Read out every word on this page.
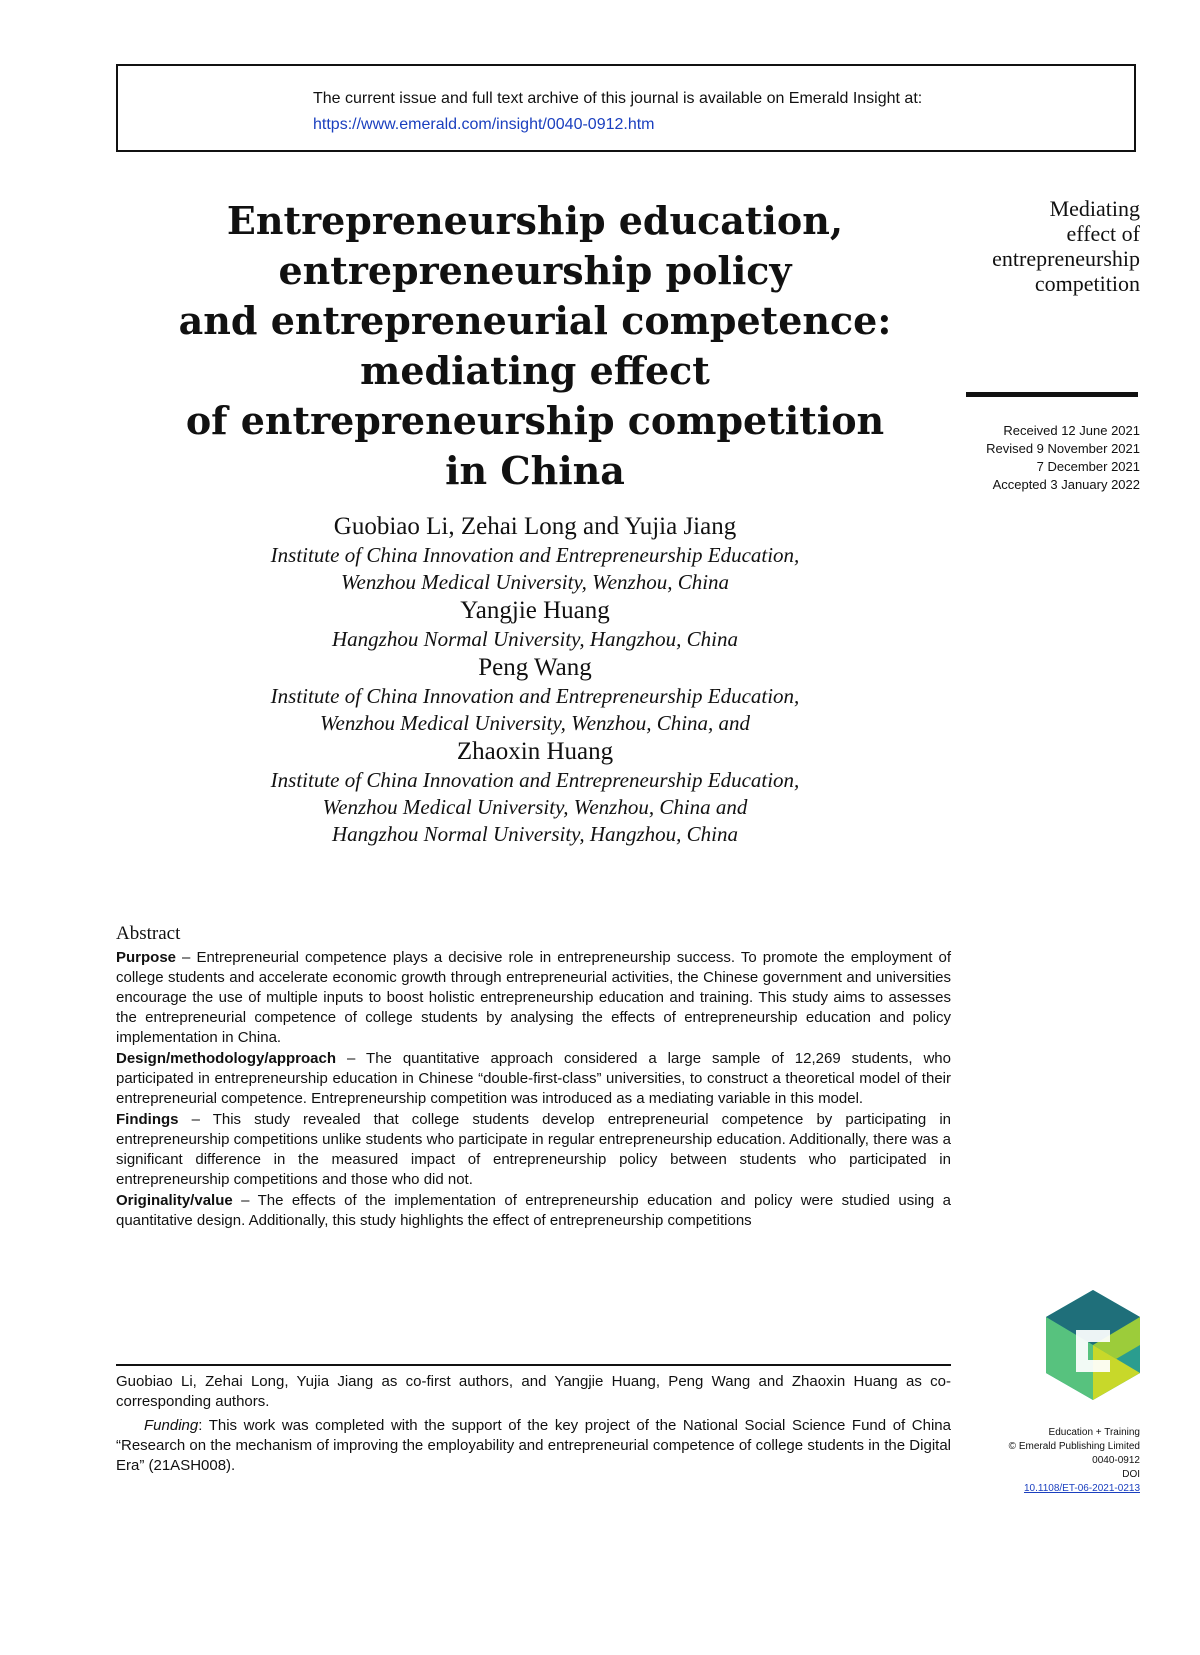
The current issue and full text archive of this journal is available on Emerald Insight at:
https://www.emerald.com/insight/0040-0912.htm
Entrepreneurship education,
entrepreneurship policy
and entrepreneurial competence:
mediating effect
of entrepreneurship competition
in China
Mediating
effect of
entrepreneurship
competition
Received 12 June 2021
Revised 9 November 2021
7 December 2021
Accepted 3 January 2022
Guobiao Li, Zehai Long and Yujia Jiang
Institute of China Innovation and Entrepreneurship Education,
Wenzhou Medical University, Wenzhou, China
Yangjie Huang
Hangzhou Normal University, Hangzhou, China
Peng Wang
Institute of China Innovation and Entrepreneurship Education,
Wenzhou Medical University, Wenzhou, China, and
Zhaoxin Huang
Institute of China Innovation and Entrepreneurship Education,
Wenzhou Medical University, Wenzhou, China and
Hangzhou Normal University, Hangzhou, China
Abstract

Purpose – Entrepreneurial competence plays a decisive role in entrepreneurship success. To promote the employment of college students and accelerate economic growth through entrepreneurial activities, the Chinese government and universities encourage the use of multiple inputs to boost holistic entrepreneurship education and training. This study aims to assesses the entrepreneurial competence of college students by analysing the effects of entrepreneurship education and policy implementation in China.

Design/methodology/approach – The quantitative approach considered a large sample of 12,269 students, who participated in entrepreneurship education in Chinese “double-first-class” universities, to construct a theoretical model of their entrepreneurial competence. Entrepreneurship competition was introduced as a mediating variable in this model.

Findings – This study revealed that college students develop entrepreneurial competence by participating in entrepreneurship competitions unlike students who participate in regular entrepreneurship education. Additionally, there was a significant difference in the measured impact of entrepreneurship policy between students who participated in entrepreneurship competitions and those who did not.

Originality/value – The effects of the implementation of entrepreneurship education and policy were studied using a quantitative design. Additionally, this study highlights the effect of entrepreneurship competitions

Guobiao Li, Zehai Long, Yujia Jiang as co-first authors, and Yangjie Huang, Peng Wang and Zhaoxin Huang as co-corresponding authors.

Funding: This work was completed with the support of the key project of the National Social Science Fund of China “Research on the mechanism of improving the employability and entrepreneurial competence of college students in the Digital Era” (21ASH008).

Education + Training
© Emerald Publishing Limited
0040-0912
DOI
10.1108/ET-06-2021-0213
